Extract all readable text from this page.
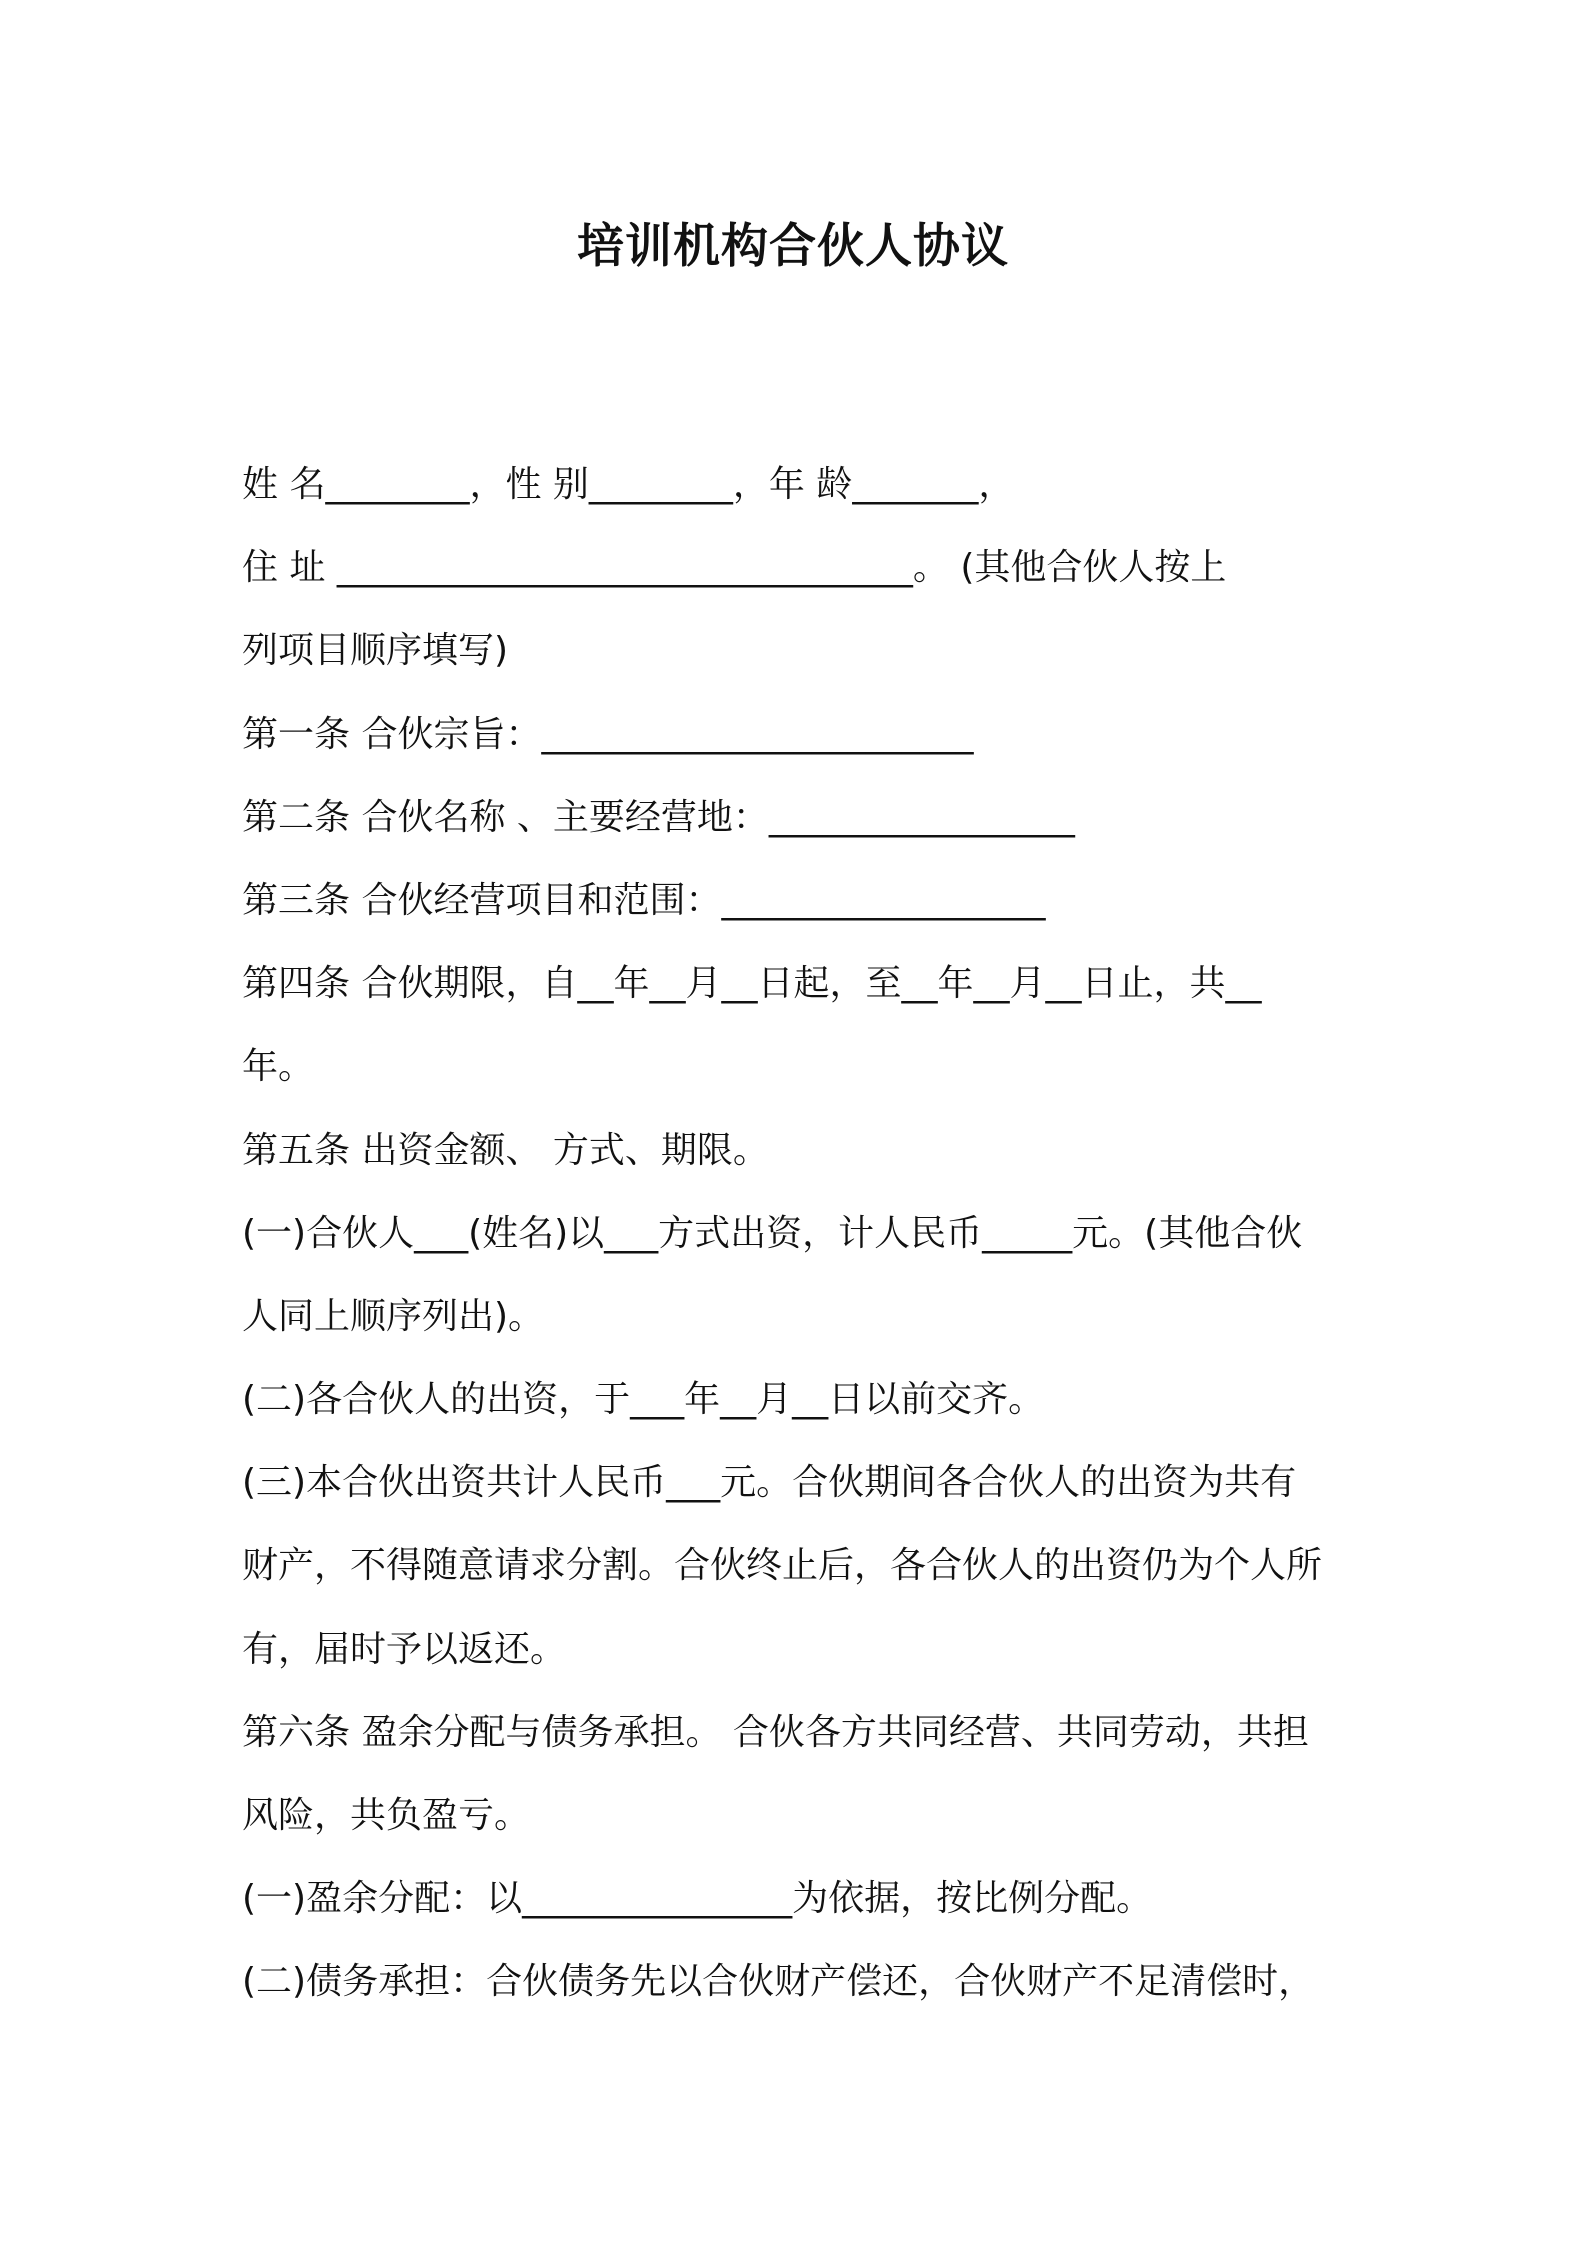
培训机构合伙人协议
姓 名________，性 别________，年 龄_______，
住 址 ________________________________。 (其他合伙人按上
列项目顺序填写)
第一条 合伙宗旨：________________________
第二条 合伙名称 、主要经营地：_________________
第三条 合伙经营项目和范围：__________________
第四条 合伙期限，自__年__月__日起，至__年__月__日止，共__
年。
第五条 出资金额、 方式、期限。
(一)合伙人___(姓名)以___方式出资，计人民币_____元。(其他合伙
人同上顺序列出)。
(二)各合伙人的出资，于___年__月__日以前交齐。
(三)本合伙出资共计人民币___元。合伙期间各合伙人的出资为共有
财产，不得随意请求分割。合伙终止后，各合伙人的出资仍为个人所
有，届时予以返还。
第六条 盈余分配与债务承担。 合伙各方共同经营、共同劳动，共担
风险，共负盈亏。
(一)盈余分配：以_______________为依据，按比例分配。
(二)债务承担：合伙债务先以合伙财产偿还，合伙财产不足清偿时，
